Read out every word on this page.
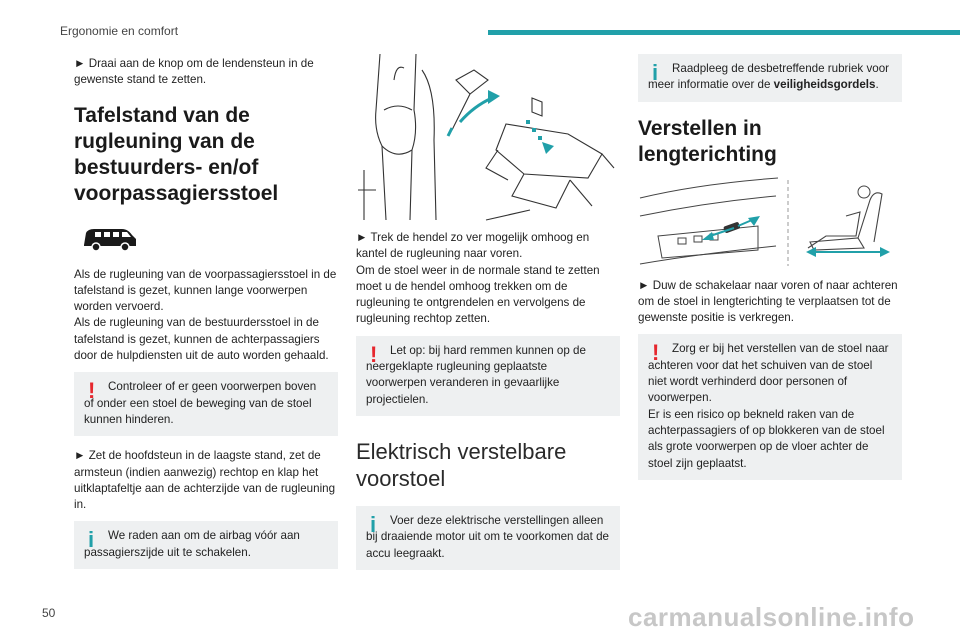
Ergonomie en comfort

► Draai aan de knop om de lendensteun in de gewenste stand te zetten.

Tafelstand van de rugleuning van de bestuurders- en/of voorpassagiersstoel

Als de rugleuning van de voorpassagiersstoel in de tafelstand is gezet, kunnen lange voorwerpen worden vervoerd.

Als de rugleuning van de bestuurdersstoel in de tafelstand is gezet, kunnen de achterpassagiers door de hulpdiensten uit de auto worden gehaald.

!	Controleer of er geen voorwerpen boven of onder een stoel de beweging van de stoel kunnen hinderen.

► Zet de hoofdsteun in de laagste stand, zet de armsteun (indien aanwezig) rechtop en klap het uitklaptafeltje aan de achterzijde van de rugleuning in.

i	We raden aan om de airbag vóór aan passagierszijde uit te schakelen.

► Trek de hendel zo ver mogelijk omhoog en kantel de rugleuning naar voren.

Om de stoel weer in de normale stand te zetten moet u de hendel omhoog trekken om de rugleuning te ontgrendelen en vervolgens de rugleuning rechtop zetten.

!	Let op: bij hard remmen kunnen op de neergeklapte rugleuning geplaatste voorwerpen veranderen in gevaarlijke projectielen.

Elektrisch verstelbare voorstoel
i	Voer deze elektrische verstellingen alleen bij draaiende motor uit om te voorkomen dat de accu leegraakt.

i	Raadpleeg de desbetreffende rubriek voor meer informatie over de veiligheidsgordels.

Verstellen in lengterichting

► Duw de schakelaar naar voren of naar achteren om de stoel in lengterichting te verplaatsen tot de gewenste positie is verkregen.

!	Zorg er bij het verstellen van de stoel naar achteren voor dat het schuiven van de stoel niet wordt verhinderd door personen of voorwerpen.

Er is een risico op bekneld raken van de achterpassagiers of op blokkeren van de stoel als grote voorwerpen op de vloer achter de stoel zijn geplaatst.

50	carmanualsonline.info
